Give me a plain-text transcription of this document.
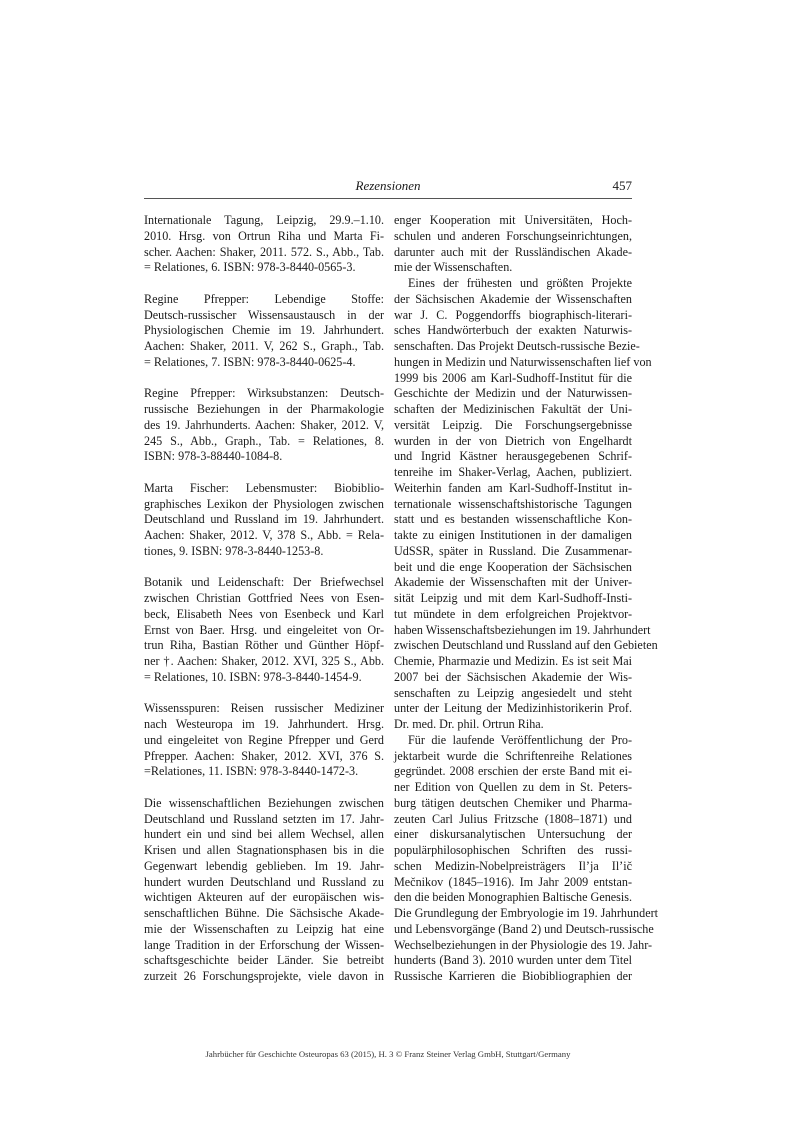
Rezensionen	457
Internationale Tagung, Leipzig, 29.9.–1.10.
2010. Hrsg. von Ortrun Riha und Marta Fi-
scher. Aachen: Shaker, 2011. 572. S., Abb., Tab.
= Relationes, 6. ISBN: 978-3-8440-0565-3.
Regine Pfrepper: Lebendige Stoffe:
Deutsch-russischer Wissensaustausch in der
Physiologischen Chemie im 19. Jahrhundert.
Aachen: Shaker, 2011. V, 262 S., Graph., Tab.
= Relationes, 7. ISBN: 978-3-8440-0625-4.
Regine Pfrepper: Wirksubstanzen: Deutsch-
russische Beziehungen in der Pharmakologie
des 19. Jahrhunderts. Aachen: Shaker, 2012. V,
245 S., Abb., Graph., Tab. = Relationes, 8.
ISBN: 978-3-88440-1084-8.
Marta Fischer: Lebensmuster: Biobibliо-
graphisches Lexikon der Physiologen zwischen
Deutschland und Russland im 19. Jahrhundert.
Aachen: Shaker, 2012. V, 378 S., Abb. = Rela-
tiones, 9. ISBN: 978-3-8440-1253-8.
Botanik und Leidenschaft: Der Briefwechsel
zwischen Christian Gottfried Nees von Esen-
beck, Elisabeth Nees von Esenbeck und Karl
Ernst von Baer. Hrsg. und eingeleitet von Or-
trun Riha, Bastian Röther und Günther Höpf-
ner †. Aachen: Shaker, 2012. XVI, 325 S., Abb.
= Relationes, 10. ISBN: 978-3-8440-1454-9.
Wissensspuren: Reisen russischer Mediziner
nach Westeuropa im 19. Jahrhundert. Hrsg.
und eingeleitet von Regine Pfrepper und Gerd
Pfrepper. Aachen: Shaker, 2012. XVI, 376 S.
=Relationes, 11. ISBN: 978-3-8440-1472-3.
Die wissenschaftlichen Beziehungen zwischen
Deutschland und Russland setzten im 17. Jahr-
hundert ein und sind bei allem Wechsel, allen
Krisen und allen Stagnationsphasen bis in die
Gegenwart lebendig geblieben. Im 19. Jahr-
hundert wurden Deutschland und Russland zu
wichtigen Akteuren auf der europäischen wis-
senschaftlichen Bühne. Die Sächsische Akade-
mie der Wissenschaften zu Leipzig hat eine
lange Tradition in der Erforschung der Wissen-
schaftsgeschichte beider Länder. Sie betreibt
zurzeit 26 Forschungsprojekte, viele davon in
enger Kooperation mit Universitäten, Hoch-
schulen und anderen Forschungseinrichtungen,
darunter auch mit der Russländischen Akade-
mie der Wissenschaften.
Eines der frühesten und größten Projekte
der Sächsischen Akademie der Wissenschaften
war J. C. Poggendorffs biographisch-literari-
sches Handwörterbuch der exakten Naturwis-
senschaften. Das Projekt Deutsch-russische Bezie-
hungen in Medizin und Naturwissenschaften lief von
1999 bis 2006 am Karl-Sudhoff-Institut für die
Geschichte der Medizin und der Naturwissen-
schaften der Medizinischen Fakultät der Uni-
versität Leipzig. Die Forschungsergebnisse
wurden in der von Dietrich von Engelhardt
und Ingrid Kästner herausgegebenen Schrif-
tenreihe im Shaker-Verlag, Aachen, publiziert.
Weiterhin fanden am Karl-Sudhoff-Institut in-
ternationale wissenschaftshistorische Tagungen
statt und es bestanden wissenschaftliche Kon-
takte zu einigen Institutionen in der damaligen
UdSSR, später in Russland. Die Zusammenar-
beit und die enge Kooperation der Sächsischen
Akademie der Wissenschaften mit der Univer-
sität Leipzig und mit dem Karl-Sudhoff-Insti-
tut mündete in dem erfolgreichen Projektvor-
haben Wissenschaftsbeziehungen im 19. Jahrhundert
zwischen Deutschland und Russland auf den Gebieten
Chemie, Pharmazie und Medizin. Es ist seit Mai
2007 bei der Sächsischen Akademie der Wis-
senschaften zu Leipzig angesiedelt und steht
unter der Leitung der Medizinhistorikerin Prof.
Dr. med. Dr. phil. Ortrun Riha.
Für die laufende Veröffentlichung der Pro-
jektarbeit wurde die Schriftenreihe Relationes
gegründet. 2008 erschien der erste Band mit ei-
ner Edition von Quellen zu dem in St. Peters-
burg tätigen deutschen Chemiker und Pharma-
zeuten Carl Julius Fritzsche (1808–1871) und
einer diskursanalytischen Untersuchung der
populärphilosophischen Schriften des russi-
schen Medizin-Nobelpreisträgers Il’ja Il’ič
Mečnikov (1845–1916). Im Jahr 2009 entstan-
den die beiden Monographien Baltische Genesis.
Die Grundlegung der Embryologie im 19. Jahrhundert
und Lebensvorgänge (Band 2) und Deutsch-russische
Wechselbeziehungen in der Physiologie des 19. Jahr-
hunderts (Band 3). 2010 wurden unter dem Titel
Russische Karrieren die Biobibliographien der
Jahrbücher für Geschichte Osteuropas 63 (2015), H. 3 © Franz Steiner Verlag GmbH, Stuttgart/Germany
